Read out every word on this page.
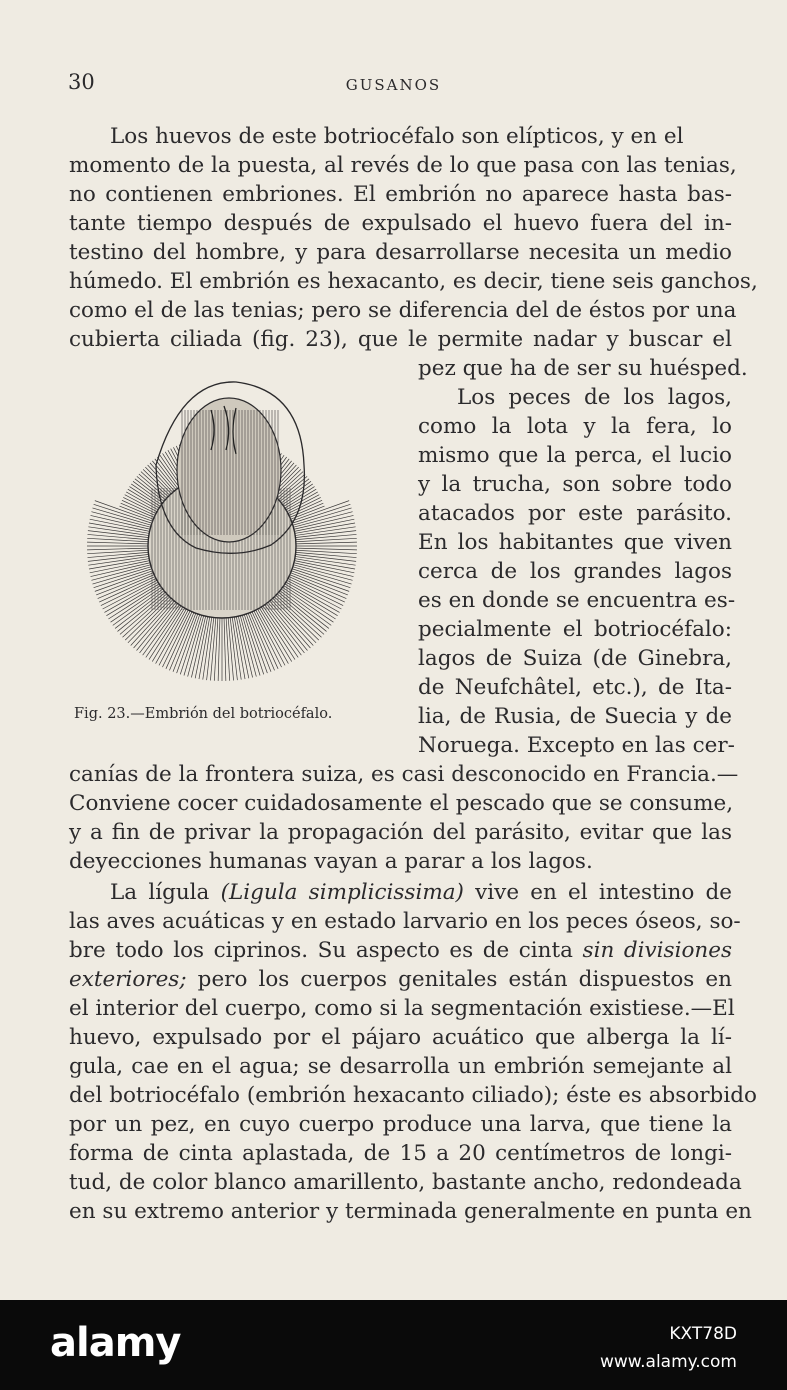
30	GUSANOS
Los huevos de este botriocéfalo son elípticos, y en el
momento de la puesta, al revés de lo que pasa con las tenias,
no contienen embriones. El embrión no aparece hasta bas-
tante tiempo después de expulsado el huevo fuera del in-
testino del hombre, y para desarrollarse necesita un medio
húmedo. El embrión es hexacanto, es decir, tiene seis ganchos,
como el de las tenias; pero se diferencia del de éstos por una
cubierta ciliada (fig. 23), que le permite nadar y buscar el
pez que ha de ser su huésped.
Los peces de los lagos,
como la lota y la fera, lo
mismo que la perca, el lucio
y la trucha, son sobre todo
atacados por este parásito.
En los habitantes que viven
cerca de los grandes lagos
es en donde se encuentra es-
pecialmente el botriocéfalo:
lagos de Suiza (de Ginebra,
de Neufchâtel, etc.), de Ita-
lia, de Rusia, de Suecia y de
Noruega. Excepto en las cer-
canías de la frontera suiza, es casi desconocido en Francia.—
Conviene cocer cuidadosamente el pescado que se consume,
y a fin de privar la propagación del parásito, evitar que las
deyecciones humanas vayan a parar a los lagos.
La lígula (Ligula simplicissima) vive en el intestino de
las aves acuáticas y en estado larvario en los peces óseos, so-
bre todo los ciprinos. Su aspecto es de cinta sin divisiones
exteriores; pero los cuerpos genitales están dispuestos en
el interior del cuerpo, como si la segmentación existiese.—El
huevo, expulsado por el pájaro acuático que alberga la lí-
gula, cae en el agua; se desarrolla un embrión semejante al
del botriocéfalo (embrión hexacanto ciliado); éste es absorbido
por un pez, en cuyo cuerpo produce una larva, que tiene la
forma de cinta aplastada, de 15 a 20 centímetros de longi-
tud, de color blanco amarillento, bastante ancho, redondeada
en su extremo anterior y terminada generalmente en punta en
Fig. 23.—Embrión del botriocéfalo.
alamy	KXT78D
www.alamy.com
